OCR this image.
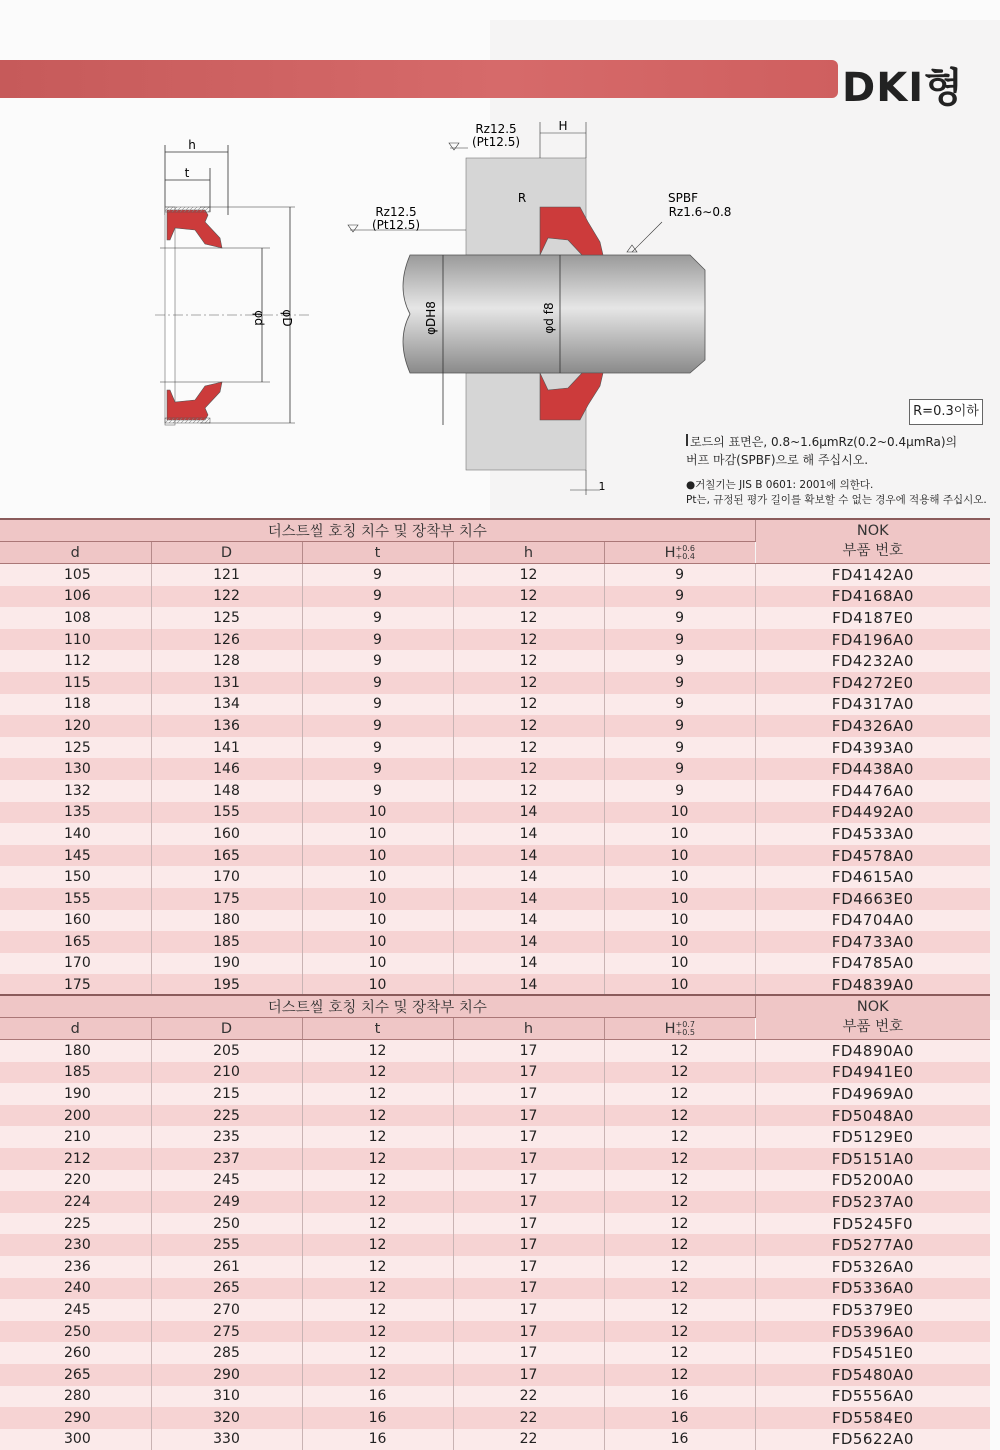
DKI형
h
t
φd φD
Rz12.5
(Pt12.5)
Rz12.5
(Pt12.5)
H
R	SPBF
Rz1.6∼0.8
φDH8	φd f8
1
R=0.3이하
로드의 표면은, 0.8~1.6μmRz(0.2~0.4μmRa)의
버프 마감(SPBF)으로 해 주십시오.
●거칠기는 JIS B 0601: 2001에 의한다.
Pt는, 규정된 평가 길이를 확보할 수 없는 경우에 적용해 주십시오.
더스트씰 호칭 치수 및 장착부 치수					NOK
부품 번호

d	D	t	h	H+0.6
+0.4	
105	121	9	12	9	FD4142A0
106	122	9	12	9	FD4168A0
108	125	9	12	9	FD4187E0
110	126	9	12	9	FD4196A0
112	128	9	12	9	FD4232A0
115	131	9	12	9	FD4272E0
118	134	9	12	9	FD4317A0
120	136	9	12	9	FD4326A0
125	141	9	12	9	FD4393A0
130	146	9	12	9	FD4438A0
132	148	9	12	9	FD4476A0
135	155	10	14	10	FD4492A0
140	160	10	14	10	FD4533A0
145	165	10	14	10	FD4578A0
150	170	10	14	10	FD4615A0
155	175	10	14	10	FD4663E0
160	180	10	14	10	FD4704A0
165	185	10	14	10	FD4733A0
170	190	10	14	10	FD4785A0
175	195	10	14	10	FD4839A0
더스트씰 호칭 치수 및 장착부 치수					NOK
부품 번호

d	D	t	h	H+0.7
+0.5	
180	205	12	17	12	FD4890A0
185	210	12	17	12	FD4941E0
190	215	12	17	12	FD4969A0
200	225	12	17	12	FD5048A0
210	235	12	17	12	FD5129E0
212	237	12	17	12	FD5151A0
220	245	12	17	12	FD5200A0
224	249	12	17	12	FD5237A0
225	250	12	17	12	FD5245F0
230	255	12	17	12	FD5277A0
236	261	12	17	12	FD5326A0
240	265	12	17	12	FD5336A0
245	270	12	17	12	FD5379E0
250	275	12	17	12	FD5396A0
260	285	12	17	12	FD5451E0
265	290	12	17	12	FD5480A0
280	310	16	22	16	FD5556A0
290	320	16	22	16	FD5584E0
300	330	16	22	16	FD5622A0
